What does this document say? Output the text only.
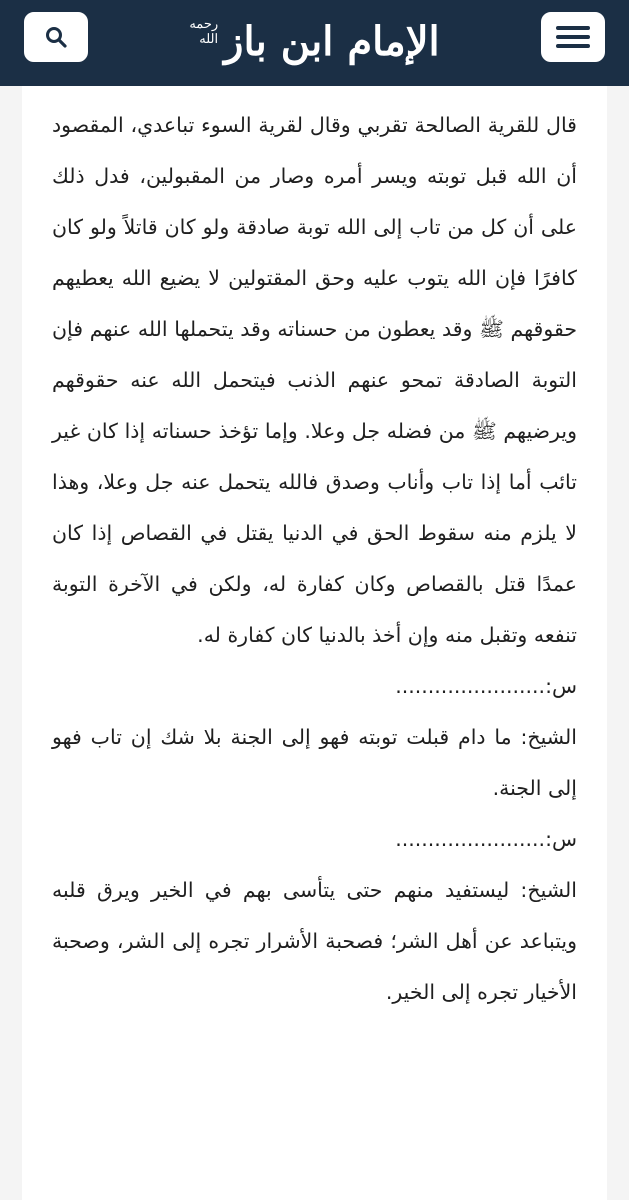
الإمام ابن باز
رحمه الله

قال للقرية الصالحة تقربي وقال لقرية السوء تباعدي، المقصود أن الله قبل توبته ويسر أمره وصار من المقبولين، فدل ذلك على أن كل من تاب إلى الله توبة صادقة ولو كان قاتلاً ولو كان كافرًا فإن الله يتوب عليه وحق المقتولين لا يضيع الله يعطيهم حقوقهم ﷺ وقد يعطون من حسناته وقد يتحملها الله عنهم فإن التوبة الصادقة تمحو عنهم الذنب فيتحمل الله عنه حقوقهم ويرضيهم ﷺ من فضله جل وعلا. وإما تؤخذ حسناته إذا كان غير تائب أما إذا تاب وأناب وصدق فالله يتحمل عنه جل وعلا، وهذا لا يلزم منه سقوط الحق في الدنيا يقتل في القصاص إذا كان عمدًا قتل بالقصاص وكان كفارة له، ولكن في الآخرة التوبة تنفعه وتقبل منه وإن أخذ بالدنيا كان كفارة له.

س:.......................

الشيخ: ما دام قبلت توبته فهو إلى الجنة بلا شك إن تاب فهو إلى الجنة.

س:.......................

الشيخ: ليستفيد منهم حتى يتأسى بهم في الخير ويرق قلبه ويتباعد عن أهل الشر؛ فصحبة الأشرار تجره إلى الشر، وصحبة الأخيار تجره إلى الخير.
